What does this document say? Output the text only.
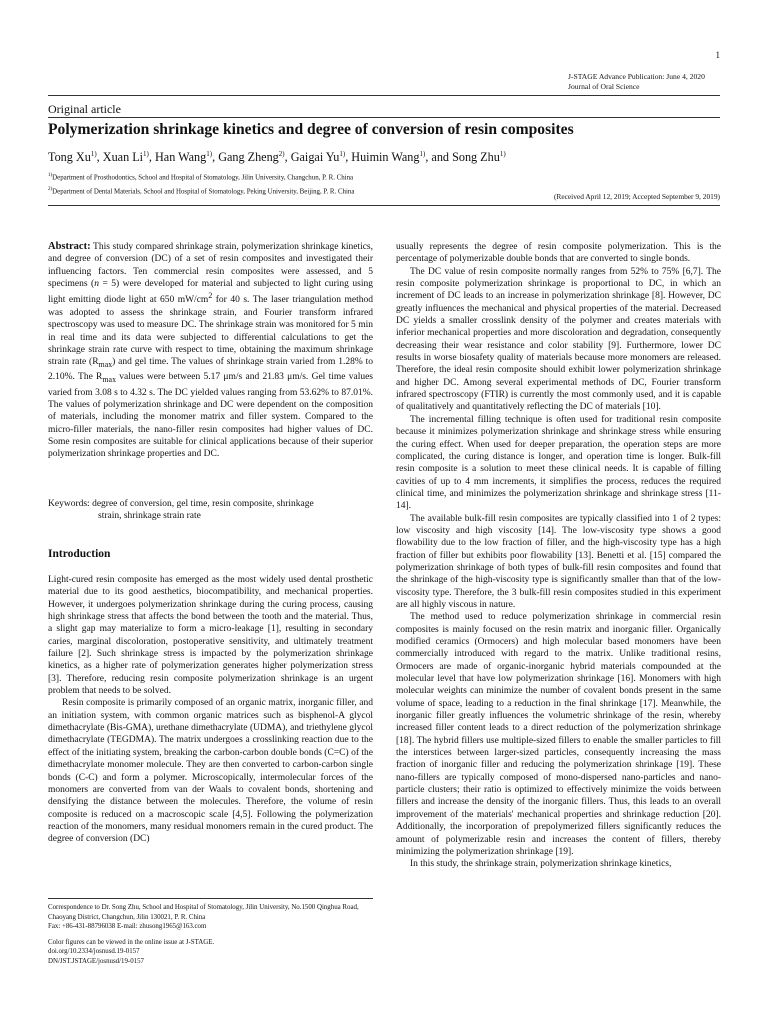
1
J-STAGE Advance Publication: June 4, 2020
Journal of Oral Science
Original article
Polymerization shrinkage kinetics and degree of conversion of resin composites
Tong Xu$^{1)}$, Xuan Li$^{1)}$, Han Wang$^{1)}$, Gang Zheng$^{2)}$, Gaigai Yu$^{1)}$, Huimin Wang$^{1)}$, and Song Zhu$^{1)}$
$^{1)}$Department of Prosthodontics, School and Hospital of Stomatology, Jilin University, Changchun, P. R. China
$^{2)}$Department of Dental Materials, School and Hospital of Stomatology, Peking University, Beijing, P. R. China
(Received April 12, 2019; Accepted September 9, 2019)

Abstract: This study compared shrinkage strain, polymerization shrinkage kinetics, and degree of conversion (DC) of a set of resin composites and investigated their influencing factors. Ten commercial resin composites were assessed, and 5 specimens (n = 5) were developed for material and subjected to light curing using light emitting diode light at 650 $mW/cm^2$ for 40 s. The laser triangulation method was adopted to assess the shrinkage strain, and Fourier transform infrared spectroscopy was used to measure DC. The shrinkage strain was monitored for 5 min in real time and its data were subjected to differential calculations to get the shrinkage strain rate curve with respect to time, obtaining the maximum shrinkage strain rate $(R_{max})$ and gel time. The values of shrinkage strain varied from 1.28% to 2.10%. The $R_{max}$ values were between 5.17 μm/s and 21.83 μm/s. Gel time values varied from 3.08 s to 4.32 s. The DC yielded values ranging from 53.62% to 87.01%. The values of polymerization shrinkage and DC were dependent on the composition of materials, including the monomer matrix and filler system. Compared to the micro-filler materials, the nano-filler resin composites had higher values of DC. Some resin composites are suitable for clinical applications because of their superior polymerization shrinkage properties and DC.

Keywords: degree of conversion, gel time, resin composite, shrinkage
strain, shrinkage strain rate
Introduction

Light-cured resin composite has emerged as the most widely used dental prosthetic material due to its good aesthetics, biocompatibility, and mechanical properties. However, it undergoes polymerization shrinkage during the curing process, causing high shrinkage stress that affects the bond between the tooth and the material. Thus, a slight gap may materialize to form a micro-leakage [1], resulting in secondary caries, marginal discoloration, postoperative sensitivity, and ultimately treatment failure [2]. Such shrinkage stress is impacted by the polymerization shrinkage kinetics, as a higher rate of polymerization generates higher polymerization stress [3]. Therefore, reducing resin composite polymerization shrinkage is an urgent problem that needs to be solved.

Resin composite is primarily composed of an organic matrix, inorganic filler, and an initiation system, with common organic matrices such as bisphenol-A glycol dimethacrylate (Bis-GMA), urethane dimethacrylate (UDMA), and triethylene glycol dimethacrylate (TEGDMA). The matrix undergoes a crosslinking reaction due to the effect of the initiating system, breaking the carbon-carbon double bonds (C=C) of the dimethacrylate monomer molecule. They are then converted to carbon-carbon single bonds (C-C) and form a polymer. Microscopically, intermolecular forces of the monomers are converted from van der Waals to covalent bonds, shortening and densifying the distance between the molecules. Therefore, the volume of resin composite is reduced on a macroscopic scale [4,5]. Following the polymerization reaction of the monomers, many residual monomers remain in the cured product. The degree of conversion (DC)

usually represents the degree of resin composite polymerization. This is the percentage of polymerizable double bonds that are converted to single bonds.

The DC value of resin composite normally ranges from 52% to 75% [6,7]. The resin composite polymerization shrinkage is proportional to DC, in which an increment of DC leads to an increase in polymerization shrinkage [8]. However, DC greatly influences the mechanical and physical properties of the material. Decreased DC yields a smaller crosslink density of the polymer and creates materials with inferior mechanical properties and more discoloration and degradation, consequently decreasing their wear resistance and color stability [9]. Furthermore, lower DC results in worse biosafety quality of materials because more monomers are released. Therefore, the ideal resin composite should exhibit lower polymerization shrinkage and higher DC. Among several experimental methods of DC, Fourier transform infrared spectroscopy (FTIR) is currently the most commonly used, and it is capable of qualitatively and quantitatively reflecting the DC of materials [10].

The incremental filling technique is often used for traditional resin composite because it minimizes polymerization shrinkage and shrinkage stress while ensuring the curing effect. When used for deeper preparation, the operation steps are more complicated, the curing distance is longer, and operation time is longer. Bulk-fill resin composite is a solution to meet these clinical needs. It is capable of filling cavities of up to 4 mm increments, it simplifies the process, reduces the required clinical time, and minimizes the polymerization shrinkage and shrinkage stress [11-14].

The available bulk-fill resin composites are typically classified into 1 of 2 types: low viscosity and high viscosity [14]. The low-viscosity type shows a good flowability due to the low fraction of filler, and the high-viscosity type has a high fraction of filler but exhibits poor flowability [13]. Benetti et al. [15] compared the polymerization shrinkage of both types of bulk-fill resin composites and found that the shrinkage of the high-viscosity type is significantly smaller than that of the low-viscosity type. Therefore, the 3 bulk-fill resin composites studied in this experiment are all highly viscous in nature.

The method used to reduce polymerization shrinkage in commercial resin composites is mainly focused on the resin matrix and inorganic filler. Organically modified ceramics (Ormocers) and high molecular based monomers have been commercially introduced with regard to the matrix. Unlike traditional resins, Ormocers are made of organic-inorganic hybrid materials compounded at the molecular level that have low polymerization shrinkage [16]. Monomers with high molecular weights can minimize the number of covalent bonds present in the same volume of space, leading to a reduction in the final shrinkage [17]. Meanwhile, the inorganic filler greatly influences the volumetric shrinkage of the resin, whereby increased filler content leads to a direct reduction of the polymerization shrinkage [18]. The hybrid fillers use multiple-sized fillers to enable the smaller particles to fill the interstices between larger-sized particles, consequently increasing the mass fraction of inorganic filler and reducing the polymerization shrinkage [19]. These nano-fillers are typically composed of mono-dispersed nano-particles and nano-particle clusters; their ratio is optimized to effectively minimize the voids between fillers and increase the density of the inorganic fillers. Thus, this leads to an overall improvement of the materials' mechanical properties and shrinkage reduction [20]. Additionally, the incorporation of prepolymerized fillers significantly reduces the amount of polymerizable resin and increases the content of fillers, thereby minimizing the polymerization shrinkage [19].

In this study, the shrinkage strain, polymerization shrinkage kinetics,

Correspondence to Dr. Song Zhu, School and Hospital of Stomatology, Jilin University, No.1500 Qinghua Road, Chaoyang District, Changchun, Jilin 130021, P. R. China
Fax: +86-431-88796038 E-mail: zhusong1965@163.com
Color figures can be viewed in the online issue at J-STAGE.
doi.org/10.2334/josnusd.19-0157
DN/JST.JSTAGE/josnusd/19-0157
